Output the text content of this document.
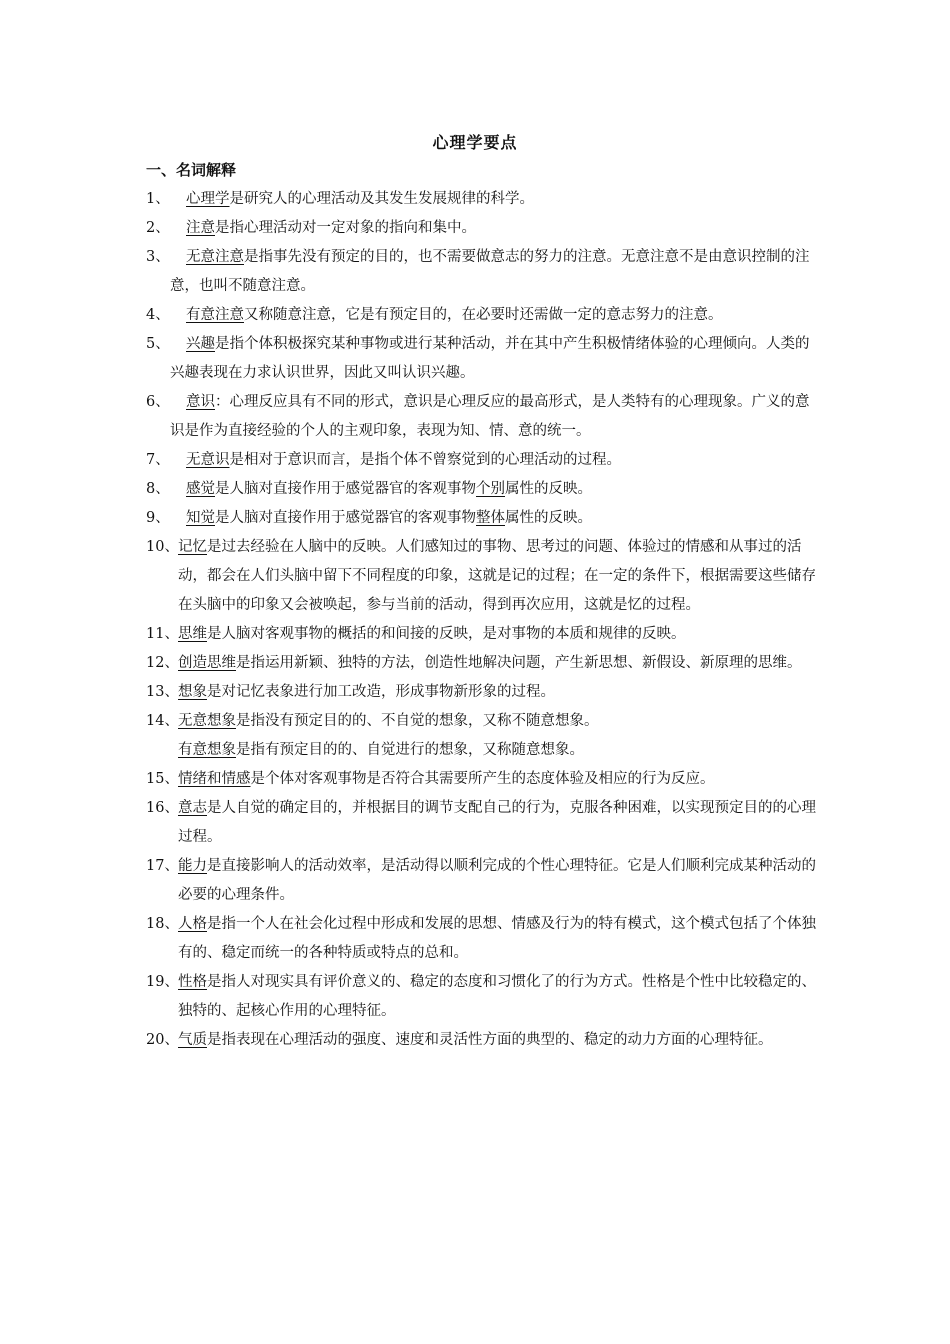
心理学要点
一、名词解释
1、	心理学是研究人的心理活动及其发生发展规律的科学。
2、	注意是指心理活动对一定对象的指向和集中。
3、	无意注意是指事先没有预定的目的，也不需要做意志的努力的注意。无意注意不是由意识控制的注意，也叫不随意注意。
4、	有意注意又称随意注意，它是有预定目的，在必要时还需做一定的意志努力的注意。
5、	兴趣是指个体积极探究某种事物或进行某种活动，并在其中产生积极情绪体验的心理倾向。人类的兴趣表现在力求认识世界，因此又叫认识兴趣。
6、	意识：心理反应具有不同的形式，意识是心理反应的最高形式，是人类特有的心理现象。广义的意识是作为直接经验的个人的主观印象，表现为知、情、意的统一。
7、	无意识是相对于意识而言，是指个体不曾察觉到的心理活动的过程。
8、	感觉是人脑对直接作用于感觉器官的客观事物个别属性的反映。
9、	知觉是人脑对直接作用于感觉器官的客观事物整体属性的反映。
10、 记忆是过去经验在人脑中的反映。人们感知过的事物、思考过的问题、体验过的情感和从事过的活动，都会在人们头脑中留下不同程度的印象，这就是记的过程；在一定的条件下，根据需要这些储存在头脑中的印象又会被唤起，参与当前的活动，得到再次应用，这就是忆的过程。
11、 思维是人脑对客观事物的概括的和间接的反映，是对事物的本质和规律的反映。
12、 创造思维是指运用新颖、独特的方法，创造性地解决问题，产生新思想、新假设、新原理的思维。
13、 想象是对记忆表象进行加工改造，形成事物新形象的过程。
14、 无意想象是指没有预定目的的、不自觉的想象，又称不随意想象。
有意想象是指有预定目的的、自觉进行的想象，又称随意想象。
15、 情绪和情感是个体对客观事物是否符合其需要所产生的态度体验及相应的行为反应。
16、 意志是人自觉的确定目的，并根据目的调节支配自己的行为，克服各种困难，以实现预定目的的心理过程。
17、 能力是直接影响人的活动效率，是活动得以顺利完成的个性心理特征。它是人们顺利完成某种活动的必要的心理条件。
18、 人格是指一个人在社会化过程中形成和发展的思想、情感及行为的特有模式，这个模式包括了个体独有的、稳定而统一的各种特质或特点的总和。
19、 性格是指人对现实具有评价意义的、稳定的态度和习惯化了的行为方式。性格是个性中比较稳定的、独特的、起核心作用的心理特征。
20、 气质是指表现在心理活动的强度、速度和灵活性方面的典型的、稳定的动力方面的心理特征。
